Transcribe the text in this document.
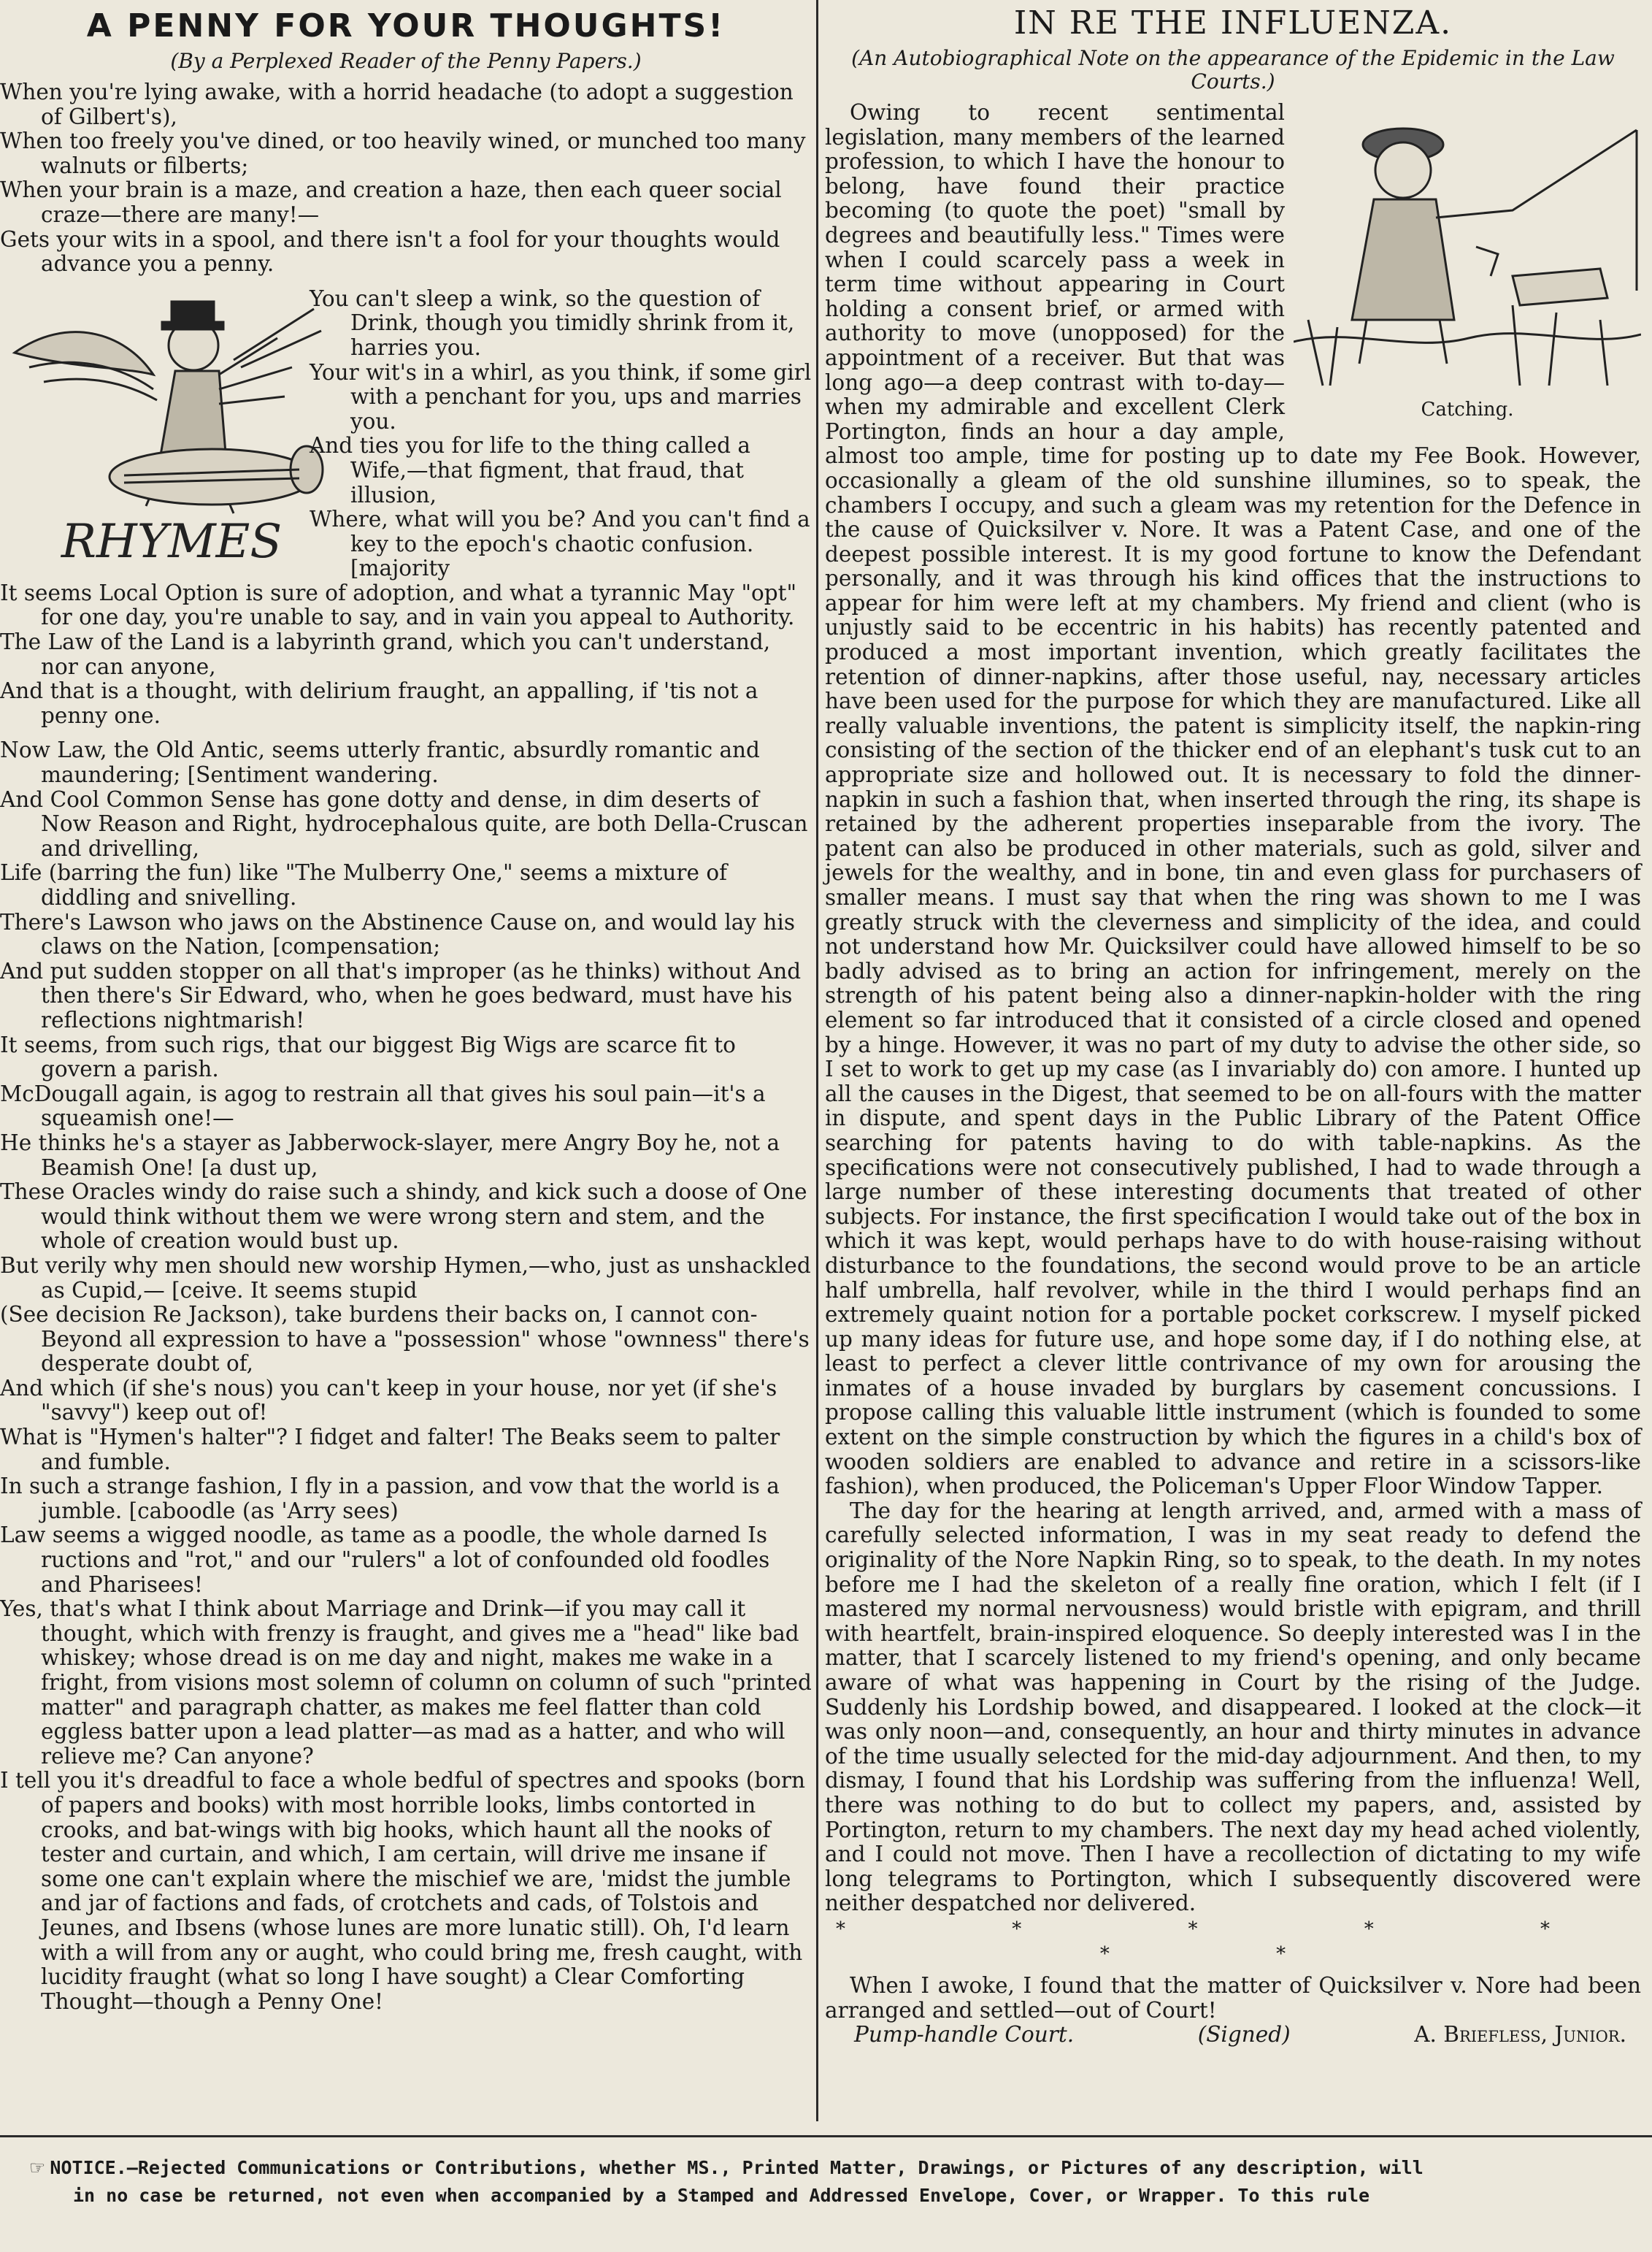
A PENNY FOR YOUR THOUGHTS!
(By a Perplexed Reader of the Penny Papers.)

When you're lying awake, with a horrid headache (to adopt a suggestion of Gilbert's),

When too freely you've dined, or too heavily wined, or munched too many walnuts or filberts;

When your brain is a maze, and creation a haze, then each queer social craze—there are many!—

Gets your wits in a spool, and there isn't a fool for your thoughts would advance you a penny.

RHYMES

You can't sleep a wink, so the question of Drink, though you timidly shrink from it, harries you.

Your wit's in a whirl, as you think, if some girl with a penchant for you, ups and marries you.

And ties you for life to the thing called a Wife,—that figment, that fraud, that illusion,

Where, what will you be? And you can't find a key to the epoch's chaotic confusion. [majority

It seems Local Option is sure of adoption, and what a tyrannic May "opt" for one day, you're unable to say, and in vain you appeal to Authority.

The Law of the Land is a labyrinth grand, which you can't understand, nor can anyone,

And that is a thought, with delirium fraught, an appalling, if 'tis not a penny one.

Now Law, the Old Antic, seems utterly frantic, absurdly romantic and maundering; [Sentiment wandering.

And Cool Common Sense has gone dotty and dense, in dim deserts of Now Reason and Right, hydrocephalous quite, are both Della-Cruscan and drivelling,

Life (barring the fun) like "The Mulberry One," seems a mixture of diddling and snivelling.

There's Lawson who jaws on the Abstinence Cause on, and would lay his claws on the Nation, [compensation;

And put sudden stopper on all that's improper (as he thinks) without And then there's Sir Edward, who, when he goes bedward, must have his reflections nightmarish!

It seems, from such rigs, that our biggest Big Wigs are scarce fit to govern a parish.

McDougall again, is agog to restrain all that gives his soul pain—it's a squeamish one!—

He thinks he's a stayer as Jabberwock-slayer, mere Angry Boy he, not a Beamish One! [a dust up,

These Oracles windy do raise such a shindy, and kick such a doose of One would think without them we were wrong stern and stem, and the whole of creation would bust up.

But verily why men should new worship Hymen,—who, just as unshackled as Cupid,— [ceive. It seems stupid

(See decision Re Jackson), take burdens their backs on, I cannot con-Beyond all expression to have a "possession" whose "ownness" there's desperate doubt of,

And which (if she's nous) you can't keep in your house, nor yet (if she's "savvy") keep out of!

What is "Hymen's halter"? I fidget and falter! The Beaks seem to palter and fumble.

In such a strange fashion, I fly in a passion, and vow that the world is a jumble. [caboodle (as 'Arry sees)

Law seems a wigged noodle, as tame as a poodle, the whole darned Is ructions and "rot," and our "rulers" a lot of confounded old foodles and Pharisees!

Yes, that's what I think about Marriage and Drink—if you may call it thought, which with frenzy is fraught, and gives me a "head" like bad whiskey; whose dread is on me day and night, makes me wake in a fright, from visions most solemn of column on column of such "printed matter" and paragraph chatter, as makes me feel flatter than cold eggless batter upon a lead platter—as mad as a hatter, and who will relieve me? Can anyone?

I tell you it's dreadful to face a whole bedful of spectres and spooks (born of papers and books) with most horrible looks, limbs contorted in crooks, and bat-wings with big hooks, which haunt all the nooks of tester and curtain, and which, I am certain, will drive me insane if some one can't explain where the mischief we are, 'midst the jumble and jar of factions and fads, of crotchets and cads, of Tolstois and Jeunes, and Ibsens (whose lunes are more lunatic still). Oh, I'd learn with a will from any or aught, who could bring me, fresh caught, with lucidity fraught (what so long I have sought) a Clear Comforting Thought—though a Penny One!

IN RE THE INFLUENZA.
(An Autobiographical Note on the appearance of the Epidemic in the Law Courts.)
Catching.

Owing to recent sentimental legislation, many members of the learned profession, to which I have the honour to belong, have found their practice becoming (to quote the poet) "small by degrees and beautifully less." Times were when I could scarcely pass a week in term time without appearing in Court holding a consent brief, or armed with authority to move (unopposed) for the appointment of a receiver. But that was long ago—a deep contrast with to-day—when my admirable and excellent Clerk Portington, finds an hour a day ample, almost too ample, time for posting up to date my Fee Book. However, occasionally a gleam of the old sunshine illumines, so to speak, the chambers I occupy, and such a gleam was my retention for the Defence in the cause of Quicksilver v. Nore. It was a Patent Case, and one of the deepest possible interest. It is my good fortune to know the Defendant personally, and it was through his kind offices that the instructions to appear for him were left at my chambers. My friend and client (who is unjustly said to be eccentric in his habits) has recently patented and produced a most important invention, which greatly facilitates the retention of dinner-napkins, after those useful, nay, necessary articles have been used for the purpose for which they are manufactured. Like all really valuable inventions, the patent is simplicity itself, the napkin-ring consisting of the section of the thicker end of an elephant's tusk cut to an appropriate size and hollowed out. It is necessary to fold the dinner-napkin in such a fashion that, when inserted through the ring, its shape is retained by the adherent properties inseparable from the ivory. The patent can also be produced in other materials, such as gold, silver and jewels for the wealthy, and in bone, tin and even glass for purchasers of smaller means. I must say that when the ring was shown to me I was greatly struck with the cleverness and simplicity of the idea, and could not understand how Mr. Quicksilver could have allowed himself to be so badly advised as to bring an action for infringement, merely on the strength of his patent being also a dinner-napkin-holder with the ring element so far introduced that it consisted of a circle closed and opened by a hinge. However, it was no part of my duty to advise the other side, so I set to work to get up my case (as I invariably do) con amore. I hunted up all the causes in the Digest, that seemed to be on all-fours with the matter in dispute, and spent days in the Public Library of the Patent Office searching for patents having to do with table-napkins. As the specifications were not consecutively published, I had to wade through a large number of these interesting documents that treated of other subjects. For instance, the first specification I would take out of the box in which it was kept, would perhaps have to do with house-raising without disturbance to the foundations, the second would prove to be an article half umbrella, half revolver, while in the third I would perhaps find an extremely quaint notion for a portable pocket corkscrew. I myself picked up many ideas for future use, and hope some day, if I do nothing else, at least to perfect a clever little contrivance of my own for arousing the inmates of a house invaded by burglars by casement concussions. I propose calling this valuable little instrument (which is founded to some extent on the simple construction by which the figures in a child's box of wooden soldiers are enabled to advance and retire in a scissors-like fashion), when produced, the Policeman's Upper Floor Window Tapper.

The day for the hearing at length arrived, and, armed with a mass of carefully selected information, I was in my seat ready to defend the originality of the Nore Napkin Ring, so to speak, to the death. In my notes before me I had the skeleton of a really fine oration, which I felt (if I mastered my normal nervousness) would bristle with epigram, and thrill with heartfelt, brain-inspired eloquence. So deeply interested was I in the matter, that I scarcely listened to my friend's opening, and only became aware of what was happening in Court by the rising of the Judge. Suddenly his Lordship bowed, and disappeared. I looked at the clock—it was only noon—and, consequently, an hour and thirty minutes in advance of the time usually selected for the mid-day adjournment. And then, to my dismay, I found that his Lordship was suffering from the influenza! Well, there was nothing to do but to collect my papers, and, assisted by Portington, return to my chambers. The next day my head ached violently, and I could not move. Then I have a recollection of dictating to my wife long telegrams to Portington, which I subsequently discovered were neither despatched nor delivered.

* * * * * * *

When I awoke, I found that the matter of Quicksilver v. Nore had been arranged and settled—out of Court!

Pump-handle Court.	(Signed)	A. Briefless, Junior.
☞ NOTICE.—Rejected Communications or Contributions, whether MS., Printed Matter, Drawings, or Pictures of any description, will
in no case be returned, not even when accompanied by a Stamped and Addressed Envelope, Cover, or Wrapper. To this rule
